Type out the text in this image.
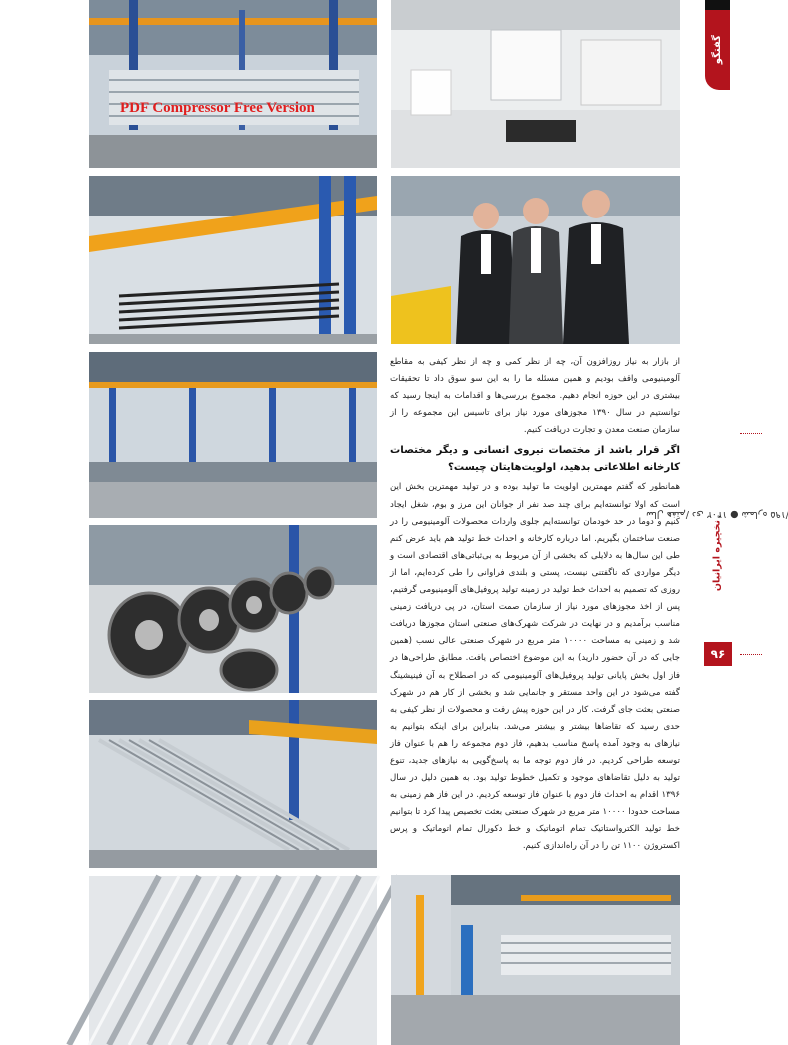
PDF Compressor Free Version
گفتگو
نخچیره ایرانیانسال هفتم/ دی ۱۴۰۲ ● شماره ۱۹۵
۹۶

از بازار به نیاز روزافزون آن، چه از نظر کمی و چه از نظر کیفی به مقاطع آلومینیومی واقف بودیم و همین مسئله ما را به این سو سوق داد تا تحقیقات بیشتری در این حوزه انجام دهیم. مجموع بررسی‌ها و اقدامات به اینجا رسید که توانستیم در سال ۱۳۹۰ مجوزهای مورد نیاز برای تاسیس این مجموعه را از سازمان صنعت معدن و تجارت دریافت کنیم.

اگر قرار باشد از مختصات نیروی انسانی و دیگر مختصات کارخانه اطلاعاتی بدهید، اولویت‌هایتان چیست؟

همانطور که گفتم مهمترین اولویت ما تولید بوده و در تولید مهمترین بخش این است که اولا توانسته‌ایم برای چند صد نفر از جوانان این مرز و بوم، شغل ایجاد کنیم و دوما در حد خودمان توانسته‌ایم جلوی واردات محصولات آلومینیومی را در صنعت ساختمان بگیریم. اما درباره کارخانه و احداث خط تولید هم باید عرض کنم طی این سال‌ها به دلایلی که بخشی از آن مربوط به بی‌ثباتی‌های اقتصادی است و دیگر مواردی که ناگفتنی نیست، پستی و بلندی فراوانی را طی کرده‌ایم، اما از روزی که تصمیم به احداث خط تولید در زمینه تولید پروفیل‌های آلومینیومی گرفتیم، پس از اخذ مجوزهای مورد نیاز از سازمان صمت استان، در پی دریافت زمینی مناسب برآمدیم و در نهایت در شرکت شهرک‌های صنعتی استان مجوزها دریافت شد و زمینی به مساحت ۱۰۰۰۰ متر مربع در شهرک صنعتی عالی نسب (همین جایی که در آن حضور دارید) به این موضوع اختصاص یافت. مطابق طراحی‌ها در فاز اول بخش پایانی تولید پروفیل‌های آلومینیومی که در اصطلاح به آن فینیشینگ گفته می‌شود در این واحد مستقر و جانمایی شد و بخشی از کار هم در شهرک صنعتی بعثت جای گرفت. کار در این حوزه پیش رفت و محصولات از نظر کیفی به حدی رسید که تقاضاها بیشتر و بیشتر می‌شد. بنابراین برای اینکه بتوانیم به نیازهای به وجود آمده پاسخ مناسب بدهیم، فاز دوم مجموعه را هم با عنوان فاز توسعه طراحی کردیم. در فاز دوم توجه ما به پاسخ‌گویی به نیازهای جدید، تنوع تولید به دلیل تقاضاهای موجود و تکمیل خطوط تولید بود. به همین دلیل در سال ۱۳۹۶ اقدام به احداث فاز دوم با عنوان فاز توسعه کردیم. در این فاز هم زمینی به مساحت حدودا ۱۰۰۰۰ متر مربع در شهرک صنعتی بعثت تخصیص پیدا کرد تا بتوانیم خط تولید الکترواستاتیک تمام اتوماتیک و خط دکورال تمام اتوماتیک و پرس اکستروژن ۱۱۰۰ تن را در آن راه‌اندازی کنیم.
